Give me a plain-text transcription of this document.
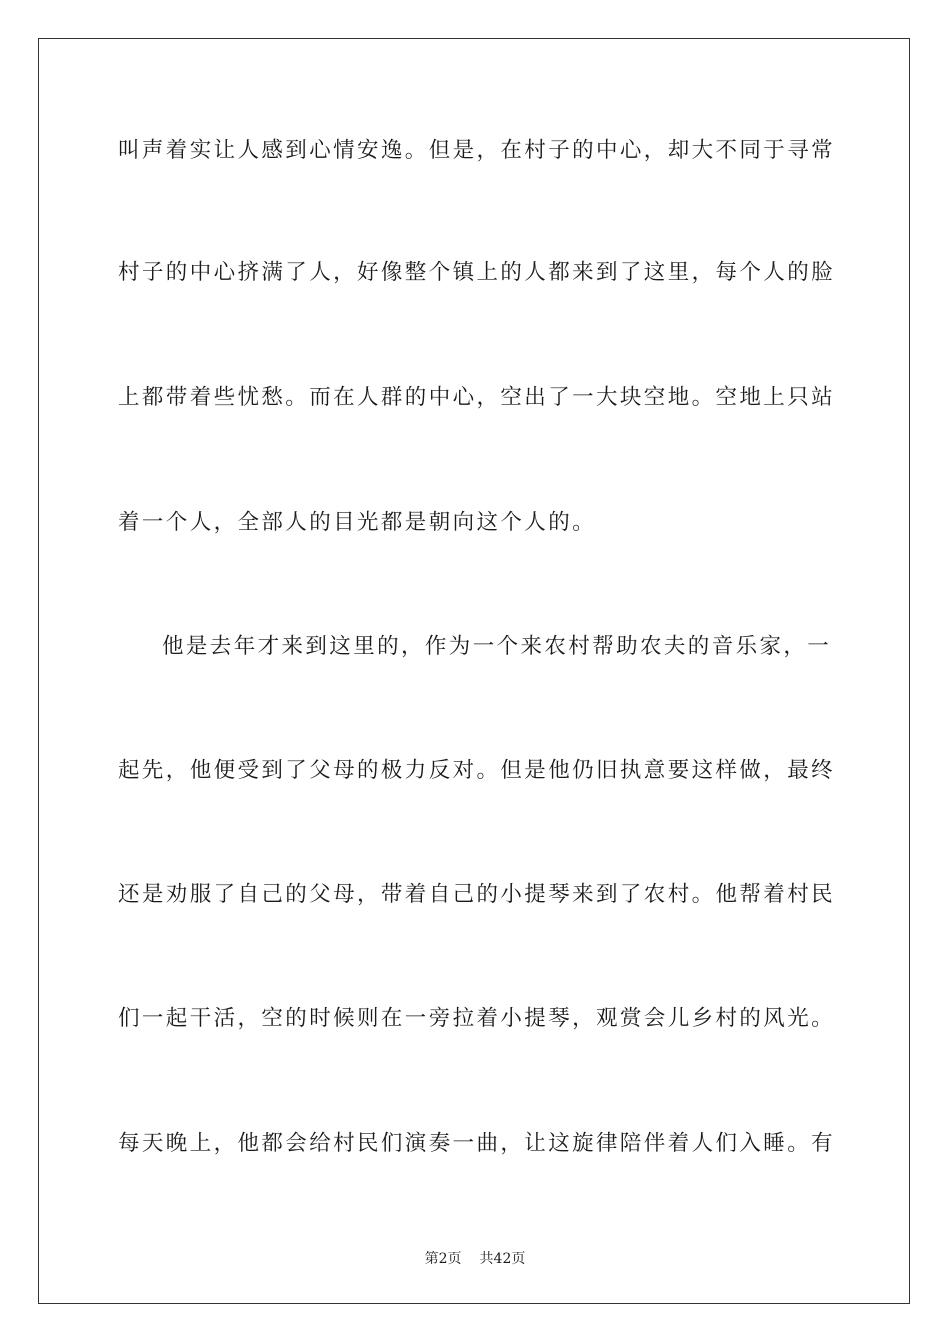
叫声着实让人感到心情安逸。但是，在村子的中心，却大不同于寻常
村子的中心挤满了人，好像整个镇上的人都来到了这里，每个人的脸
上都带着些忧愁。而在人群的中心，空出了一大块空地。空地上只站
着一个人，全部人的目光都是朝向这个人的。
他是去年才来到这里的，作为一个来农村帮助农夫的音乐家，一
起先，他便受到了父母的极力反对。但是他仍旧执意要这样做，最终
还是劝服了自己的父母，带着自己的小提琴来到了农村。他帮着村民
们一起干活，空的时候则在一旁拉着小提琴，观赏会儿乡村的风光。
每天晚上，他都会给村民们演奏一曲，让这旋律陪伴着人们入睡。有
第2页 共42页
